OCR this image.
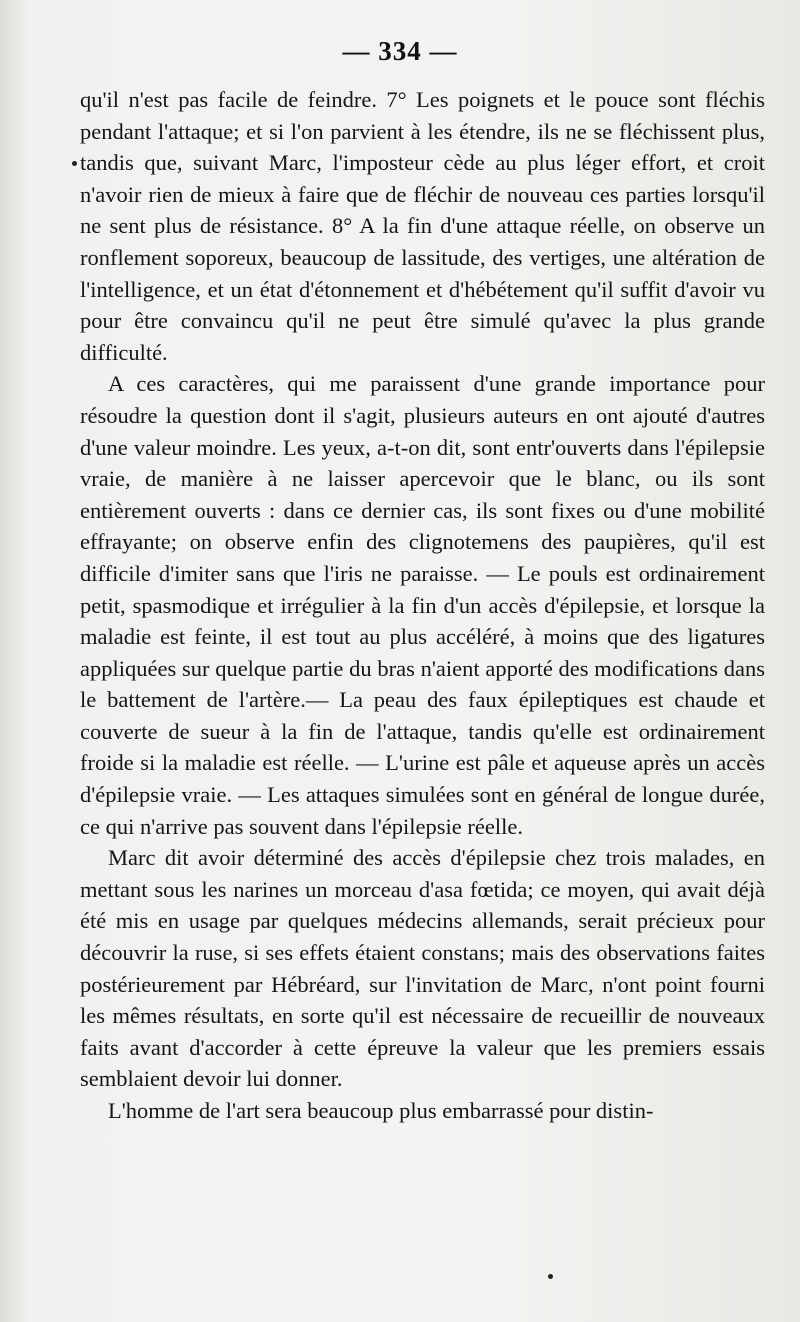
— 334 —

qu'il n'est pas facile de feindre. 7° Les poignets et le pouce sont fléchis pendant l'attaque; et si l'on parvient à les étendre, ils ne se fléchissent plus, tandis que, suivant Marc, l'imposteur cède au plus léger effort, et croit n'avoir rien de mieux à faire que de fléchir de nouveau ces parties lorsqu'il ne sent plus de résistance. 8° A la fin d'une attaque réelle, on observe un ronflement soporeux, beaucoup de lassitude, des vertiges, une altération de l'intelligence, et un état d'étonnement et d'hébétement qu'il suffit d'avoir vu pour être convaincu qu'il ne peut être simulé qu'avec la plus grande difficulté.

A ces caractères, qui me paraissent d'une grande importance pour résoudre la question dont il s'agit, plusieurs auteurs en ont ajouté d'autres d'une valeur moindre. Les yeux, a-t-on dit, sont entr'ouverts dans l'épilepsie vraie, de manière à ne laisser apercevoir que le blanc, ou ils sont entièrement ouverts : dans ce dernier cas, ils sont fixes ou d'une mobilité effrayante; on observe enfin des clignotemens des paupières, qu'il est difficile d'imiter sans que l'iris ne paraisse. — Le pouls est ordinairement petit, spasmodique et irrégulier à la fin d'un accès d'épilepsie, et lorsque la maladie est feinte, il est tout au plus accéléré, à moins que des ligatures appliquées sur quelque partie du bras n'aient apporté des modifications dans le battement de l'artère.— La peau des faux épileptiques est chaude et couverte de sueur à la fin de l'attaque, tandis qu'elle est ordinairement froide si la maladie est réelle. — L'urine est pâle et aqueuse après un accès d'épilepsie vraie. — Les attaques simulées sont en général de longue durée, ce qui n'arrive pas souvent dans l'épilepsie réelle.

Marc dit avoir déterminé des accès d'épilepsie chez trois malades, en mettant sous les narines un morceau d'asa fœtida; ce moyen, qui avait déjà été mis en usage par quelques médecins allemands, serait précieux pour découvrir la ruse, si ses effets étaient constans; mais des observations faites postérieurement par Hébréard, sur l'invitation de Marc, n'ont point fourni les mêmes résultats, en sorte qu'il est nécessaire de recueillir de nouveaux faits avant d'accorder à cette épreuve la valeur que les premiers essais semblaient devoir lui donner.

L'homme de l'art sera beaucoup plus embarrassé pour distin-
